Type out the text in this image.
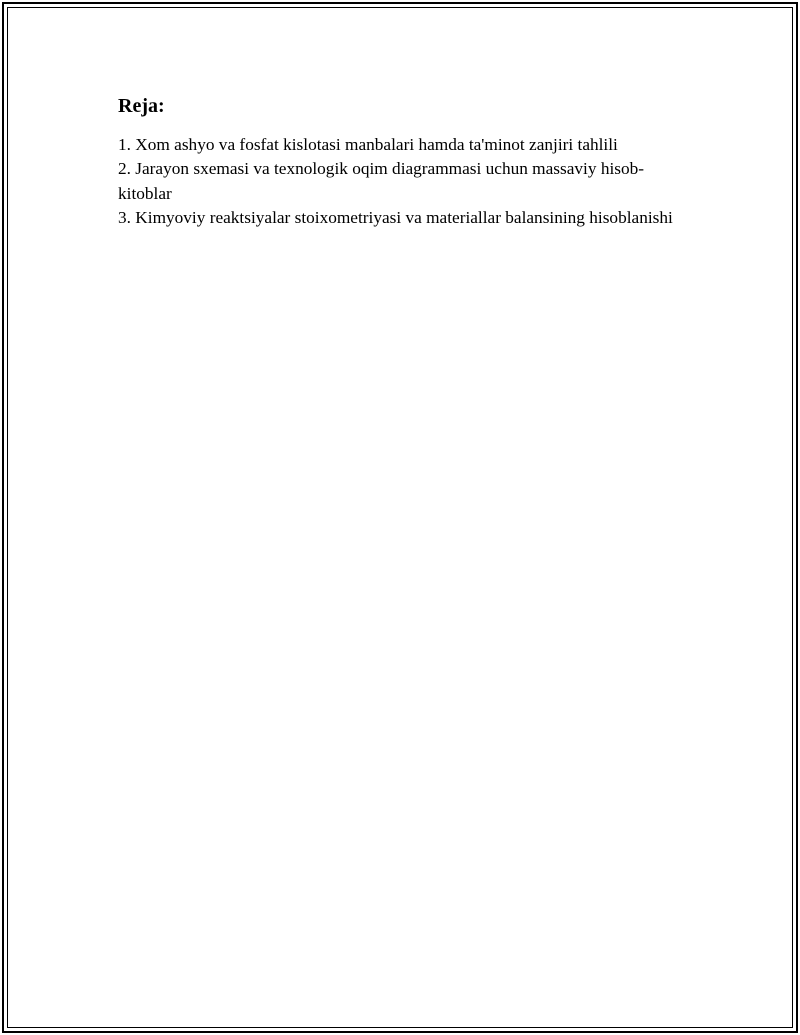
Reja:
1. Xom ashyo va fosfat kislotasi manbalari hamda ta'minot zanjiri tahlili
2. Jarayon sxemasi va texnologik oqim diagrammasi uchun massaviy hisob-kitoblar
3. Kimyoviy reaktsiyalar stoixometriyasi va materiallar balansining hisoblanishi
